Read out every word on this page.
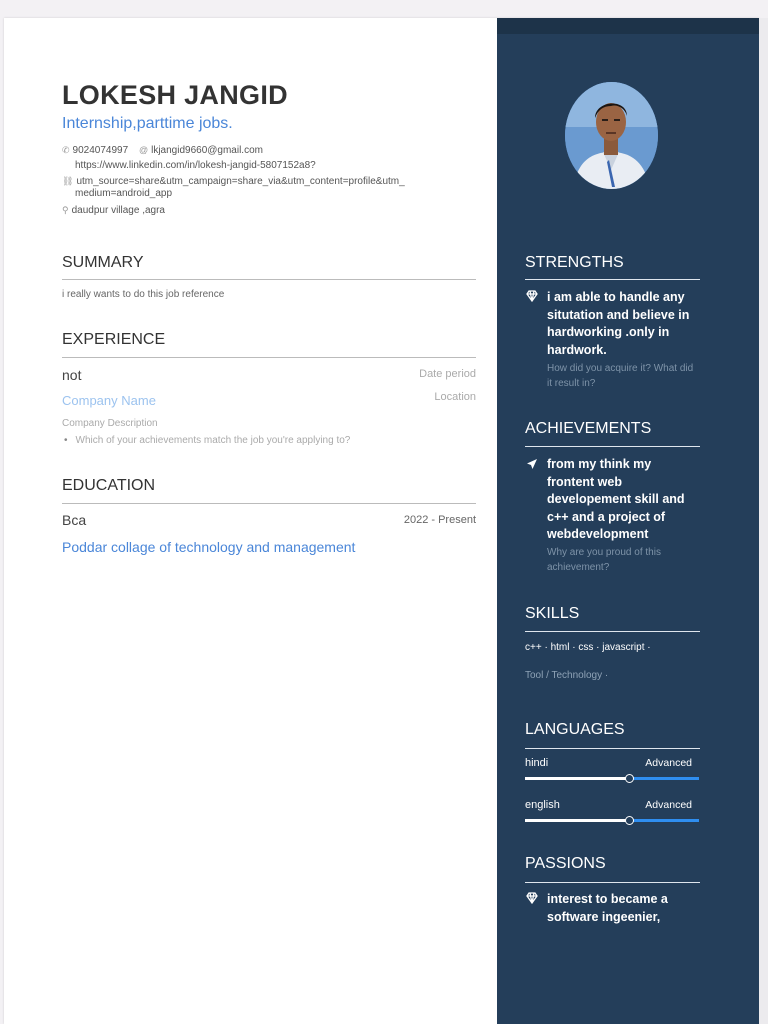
LOKESH JANGID
Internship,parttime jobs.
✆ 9024074997 @ lkjangid9660@gmail.com
https://www.linkedin.com/in/lokesh-jangid-5807152a8?
⛓ utm_source=share&utm_campaign=share_via&utm_content=profile&utm_
medium=android_app
⚲ daudpur village ,agra
SUMMARY
i really wants to do this job reference
EXPERIENCE
not	Date period
Company Name	Location
Company Description
• Which of your achievements match the job you're applying to?
EDUCATION
Bca	2022 - Present
Poddar collage of technology and management
STRENGTHS
i am able to handle any situtation and believe in hardworking .only in hardwork.
How did you acquire it? What did it result in?
ACHIEVEMENTS
from my think my frontent web developement skill and c++ and a project of webdevelopment
Why are you proud of this achievement?
SKILLS
c++ · html · css · javascript ·
Tool / Technology ·
LANGUAGES
hindi	Advanced
english	Advanced
PASSIONS
interest to became a software ingeenier,
